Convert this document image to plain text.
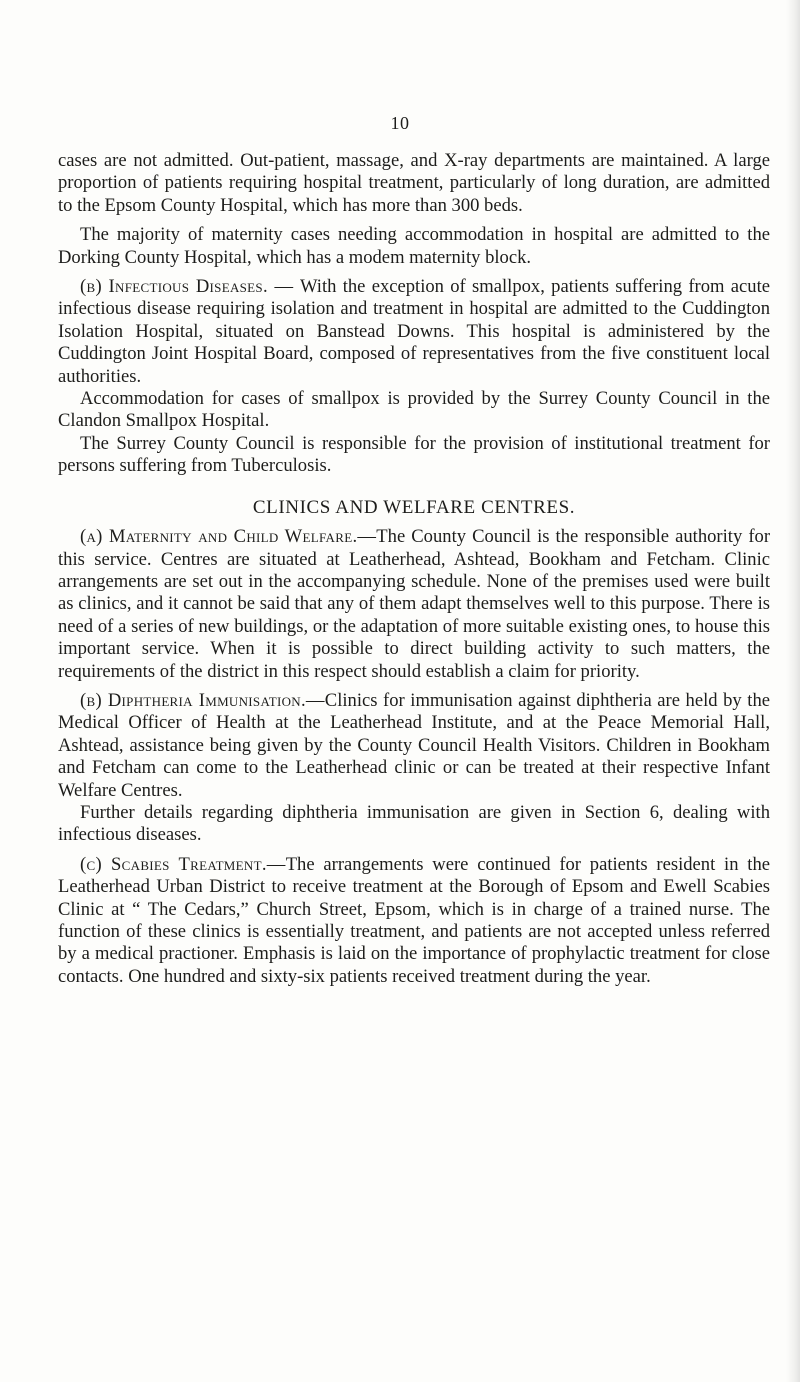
10

cases are not admitted. Out-patient, massage, and X-ray departments are maintained. A large proportion of patients requiring hospital treatment, particularly of long duration, are admitted to the Epsom County Hospital, which has more than 300 beds.

The majority of maternity cases needing accommodation in hospital are admitted to the Dorking County Hospital, which has a modem maternity block.

(b) Infectious Diseases. — With the exception of smallpox, patients suffering from acute infectious disease requiring isolation and treatment in hospital are admitted to the Cuddington Isolation Hospital, situated on Banstead Downs. This hospital is administered by the Cuddington Joint Hospital Board, composed of representatives from the five constituent local authorities.

Accommodation for cases of smallpox is provided by the Surrey County Council in the Clandon Smallpox Hospital.

The Surrey County Council is responsible for the provision of institutional treatment for persons suffering from Tuberculosis.

CLINICS AND WELFARE CENTRES.

(a) Maternity and Child Welfare.—The County Council is the responsible authority for this service. Centres are situated at Leatherhead, Ashtead, Bookham and Fetcham. Clinic arrangements are set out in the accompanying schedule. None of the premises used were built as clinics, and it cannot be said that any of them adapt themselves well to this purpose. There is need of a series of new buildings, or the adaptation of more suitable existing ones, to house this important service. When it is possible to direct building activity to such matters, the requirements of the district in this respect should establish a claim for priority.

(b) Diphtheria Immunisation.—Clinics for immunisation against diphtheria are held by the Medical Officer of Health at the Leatherhead Institute, and at the Peace Memorial Hall, Ashtead, assistance being given by the County Council Health Visitors. Children in Bookham and Fetcham can come to the Leatherhead clinic or can be treated at their respective Infant Welfare Centres.

Further details regarding diphtheria immunisation are given in Section 6, dealing with infectious diseases.

(c) Scabies Treatment.—The arrangements were continued for patients resident in the Leatherhead Urban District to receive treatment at the Borough of Epsom and Ewell Scabies Clinic at “ The Cedars,” Church Street, Epsom, which is in charge of a trained nurse. The function of these clinics is essentially treatment, and patients are not accepted unless referred by a medical practioner. Emphasis is laid on the importance of prophylactic treatment for close contacts. One hundred and sixty-six patients received treatment during the year.
